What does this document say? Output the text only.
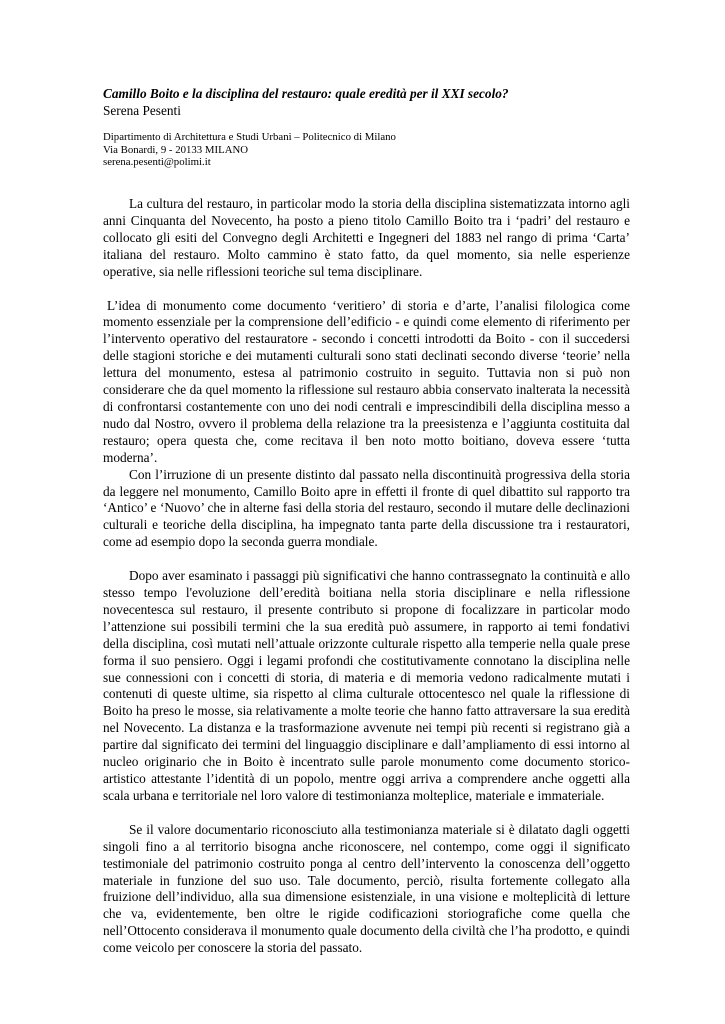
Camillo Boito e la disciplina del restauro: quale eredità per il XXI secolo?

Serena Pesenti

Dipartimento di Architettura e Studi Urbani – Politecnico di Milano
Via Bonardi, 9 - 20133 MILANO
serena.pesenti@polimi.it

La cultura del restauro, in particolar modo la storia della disciplina sistematizzata intorno agli anni Cinquanta del Novecento, ha posto a pieno titolo Camillo Boito tra i ‘padri’ del restauro e collocato gli esiti del Convegno degli Architetti e Ingegneri del 1883 nel rango di prima ‘Carta’ italiana del restauro. Molto cammino è stato fatto, da quel momento, sia nelle esperienze operative, sia nelle riflessioni teoriche sul tema disciplinare.

L’idea di monumento come documento ‘veritiero’ di storia e d’arte, l’analisi filologica come momento essenziale per la comprensione dell’edificio - e quindi come elemento di riferimento per l’intervento operativo del restauratore - secondo i concetti introdotti da Boito - con il succedersi delle stagioni storiche e dei mutamenti culturali sono stati declinati secondo diverse ‘teorie’ nella lettura del monumento, estesa al patrimonio costruito in seguito. Tuttavia non si può non considerare che da quel momento la riflessione sul restauro abbia conservato inalterata la necessità di confrontarsi costantemente con uno dei nodi centrali e imprescindibili della disciplina messo a nudo dal Nostro, ovvero il problema della relazione tra la preesistenza e l’aggiunta costituita dal restauro; opera questa che, come recitava il ben noto motto boitiano, doveva essere ‘tutta moderna’.

Con l’irruzione di un presente distinto dal passato nella discontinuità progressiva della storia da leggere nel monumento, Camillo Boito apre in effetti il fronte di quel dibattito sul rapporto tra ‘Antico’ e ‘Nuovo’ che in alterne fasi della storia del restauro, secondo il mutare delle declinazioni culturali e teoriche della disciplina, ha impegnato tanta parte della discussione tra i restauratori, come ad esempio dopo la seconda guerra mondiale.

Dopo aver esaminato i passaggi più significativi che hanno contrassegnato la continuità e allo stesso tempo l'evoluzione dell’eredità boitiana nella storia disciplinare e nella riflessione novecentesca sul restauro, il presente contributo si propone di focalizzare in particolar modo l’attenzione sui possibili termini che la sua eredità può assumere, in rapporto ai temi fondativi della disciplina, così mutati nell’attuale orizzonte culturale rispetto alla temperie nella quale prese forma il suo pensiero. Oggi i legami profondi che costitutivamente connotano la disciplina nelle sue connessioni con i concetti di storia, di materia e di memoria vedono radicalmente mutati i contenuti di queste ultime, sia rispetto al clima culturale ottocentesco nel quale la riflessione di Boito ha preso le mosse, sia relativamente a molte teorie che hanno fatto attraversare la sua eredità nel Novecento. La distanza e la trasformazione avvenute nei tempi più recenti si registrano già a partire dal significato dei termini del linguaggio disciplinare e dall’ampliamento di essi intorno al nucleo originario che in Boito è incentrato sulle parole monumento come documento storico-artistico attestante l’identità di un popolo, mentre oggi arriva a comprendere anche oggetti alla scala urbana e territoriale nel loro valore di testimonianza molteplice, materiale e immateriale.

Se il valore documentario riconosciuto alla testimonianza materiale si è dilatato dagli oggetti singoli fino a al territorio bisogna anche riconoscere, nel contempo, come oggi il significato testimoniale del patrimonio costruito ponga al centro dell’intervento la conoscenza dell’oggetto materiale in funzione del suo uso. Tale documento, perciò, risulta fortemente collegato alla fruizione dell’individuo, alla sua dimensione esistenziale, in una visione e molteplicità di letture che va, evidentemente, ben oltre le rigide codificazioni storiografiche come quella che nell’Ottocento considerava il monumento quale documento della civiltà che l’ha prodotto, e quindi come veicolo per conoscere la storia del passato.
